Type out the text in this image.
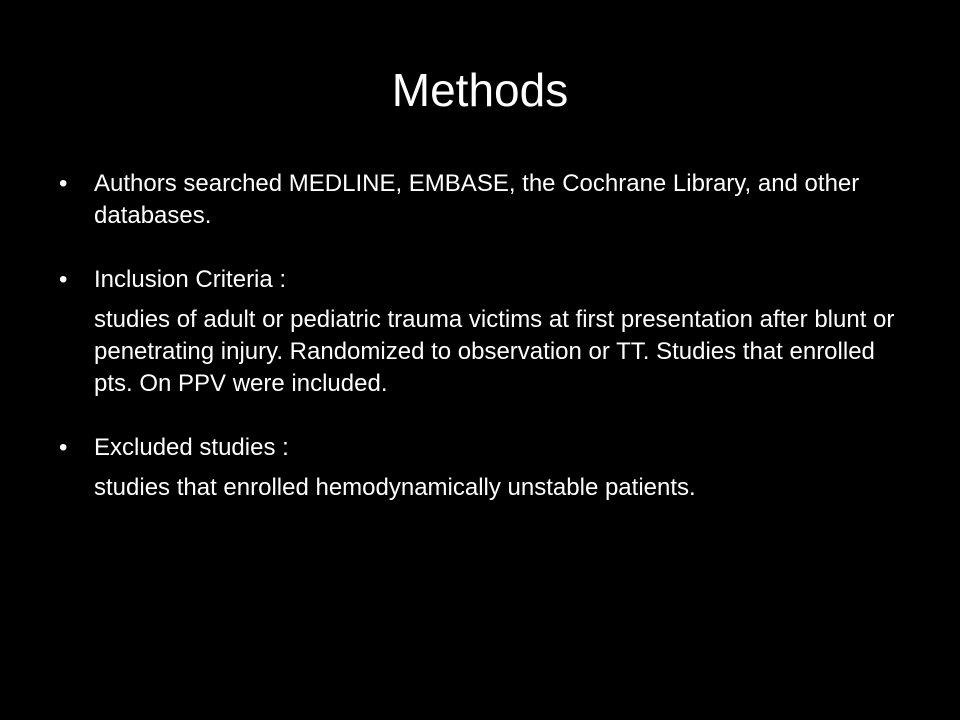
Methods
• Authors searched MEDLINE, EMBASE, the Cochrane Library, and other databases.
• Inclusion Criteria :
studies of adult or pediatric trauma victims at first presentation after blunt or penetrating injury. Randomized to observation or TT. Studies that enrolled pts. On PPV were included.
• Excluded studies :
studies that enrolled hemodynamically unstable patients.
